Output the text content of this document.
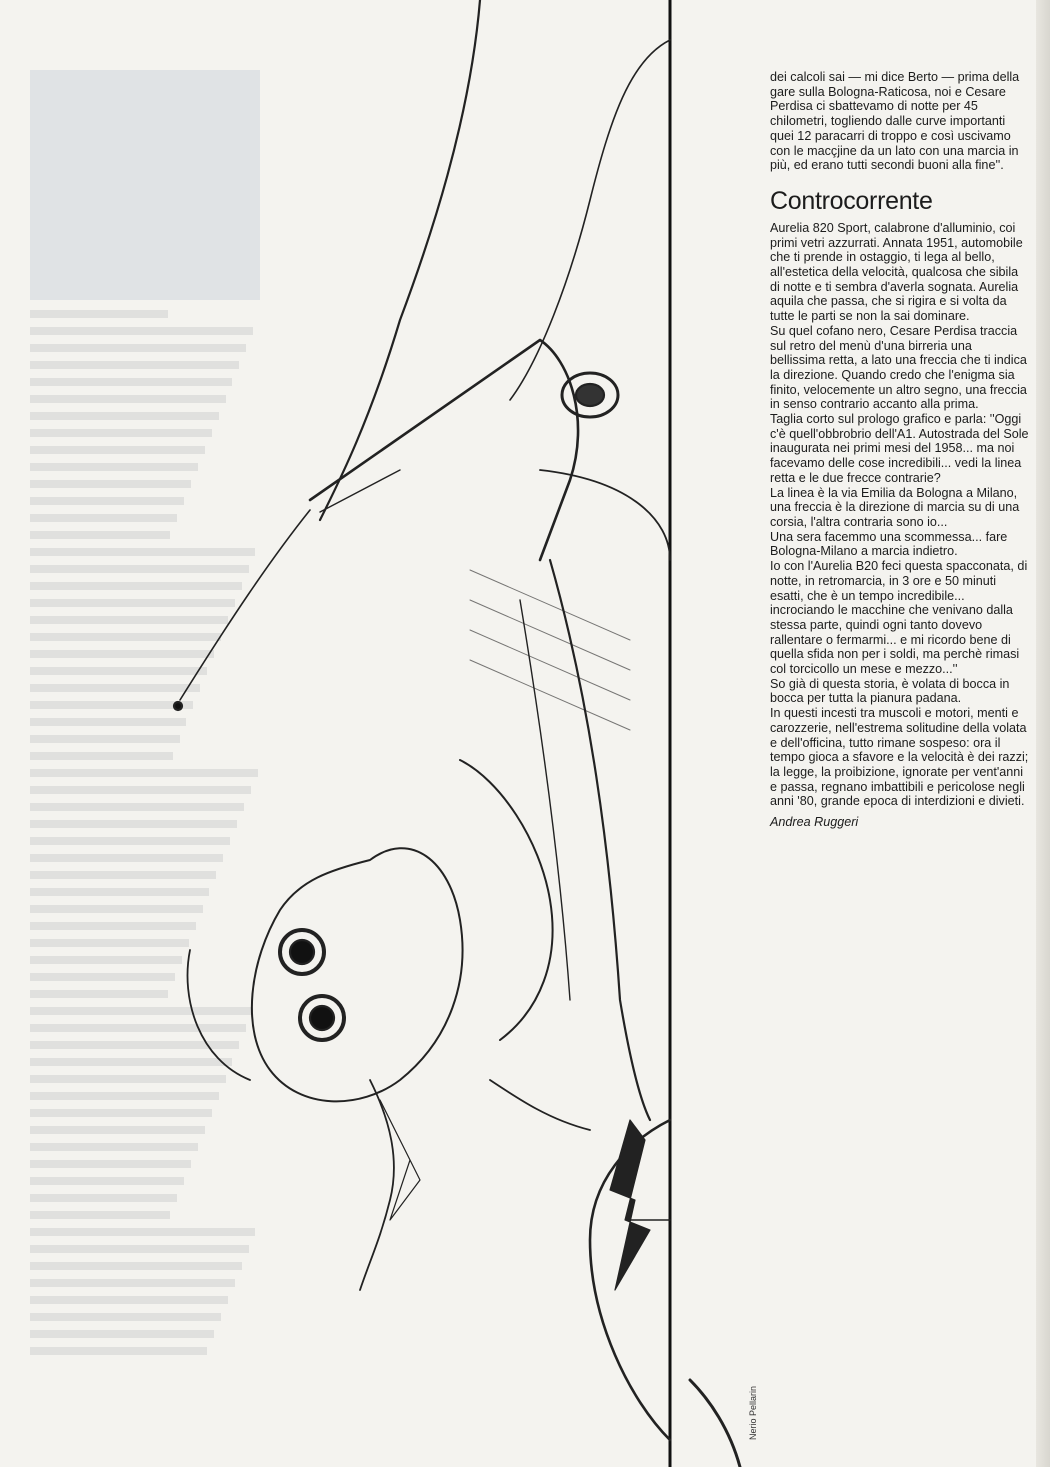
Nerio Pellarin

dei calcoli sai — mi dice Berto — prima della gare sulla Bologna-Raticosa, noi e Cesare Perdisa ci sbattevamo di notte per 45 chilometri, togliendo dalle curve importanti quei 12 paracarri di troppo e così uscivamo con le macçjine da un lato con una marcia in più, ed erano tutti secondi buoni alla fine''.

Controcorrente

Aurelia 820 Sport, calabrone d'alluminio, coi primi vetri azzurrati. Annata 1951, automobile che ti prende in ostaggio, ti lega al bello, all'estetica della velocità, qualcosa che sibila di notte e ti sembra d'averla sognata. Aurelia aquila che passa, che si rigira e si volta da tutte le parti se non la sai dominare.

Su quel cofano nero, Cesare Perdisa traccia sul retro del menù d'una birreria una bellissima retta, a lato una freccia che ti indica la direzione. Quando credo che l'enigma sia finito, velocemente un altro segno, una freccia in senso contrario accanto alla prima.

Taglia corto sul prologo grafico e parla: ''Oggi c'è quell'obbrobrio dell'A1. Autostrada del Sole inaugurata nei primi mesi del 1958... ma noi facevamo delle cose incredibili... vedi la linea retta e le due frecce contrarie?

La linea è la via Emilia da Bologna a Milano, una freccia è la direzione di marcia su di una corsia, l'altra contraria sono io...

Una sera facemmo una scommessa... fare Bologna-Milano a marcia indietro.

Io con l'Aurelia B20 feci questa spacconata, di notte, in retromarcia, in 3 ore e 50 minuti esatti, che è un tempo incredibile... incrociando le macchine che venivano dalla stessa parte, quindi ogni tanto dovevo rallentare o fermarmi... e mi ricordo bene di quella sfida non per i soldi, ma perchè rimasi col torcicollo un mese e mezzo...''

So già di questa storia, è volata di bocca in bocca per tutta la pianura padana.

In questi incesti tra muscoli e motori, menti e carozzerie, nell'estrema solitudine della volata e dell'officina, tutto rimane sospeso: ora il tempo gioca a sfavore e la velocità è dei razzi; la legge, la proibizione, ignorate per vent'anni e passa, regnano imbattibili e pericolose negli anni '80, grande epoca di interdizioni e divieti.

Andrea Ruggeri
